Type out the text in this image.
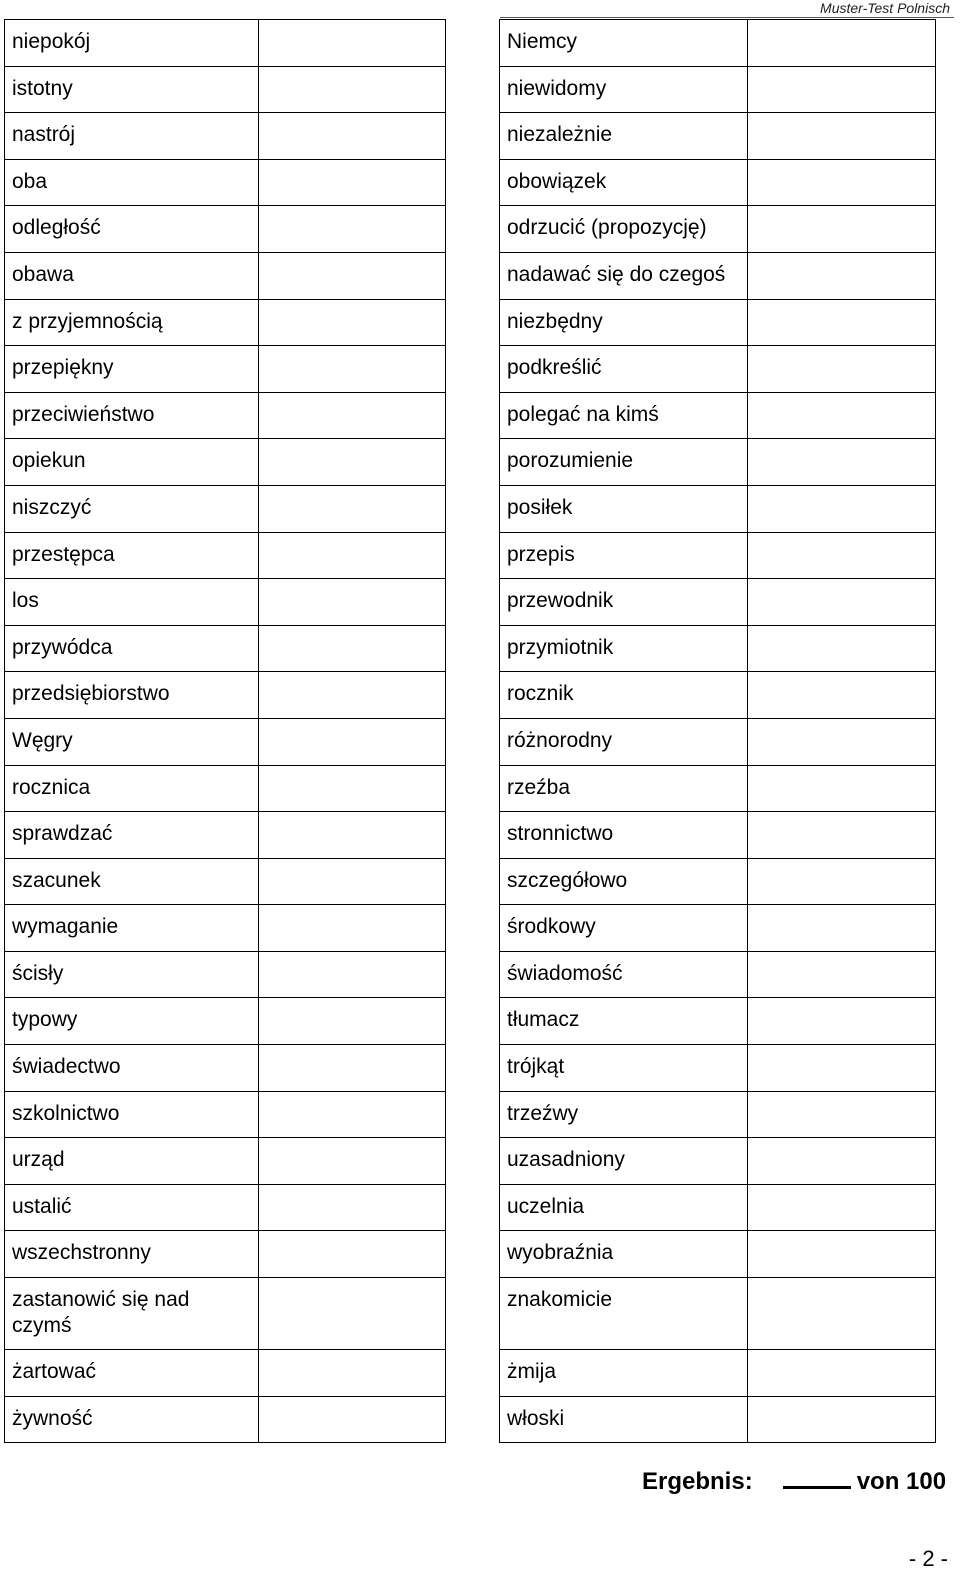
Muster-Test Polnisch
niepokój	
istotny	
nastrój	
oba	
odległość	
obawa	
z przyjemnością	
przepiękny	
przeciwieństwo	
opiekun	
niszczyć	
przestępca	
los	
przywódca	
przedsiębiorstwo	
Węgry	
rocznica	
sprawdzać	
szacunek	
wymaganie	
ścisły	
typowy	
świadectwo	
szkolnictwo	
urząd	
ustalić	
wszechstronny	
zastanowić się nad czymś	
żartować	
żywność	
Niemcy	
niewidomy	
niezależnie	
obowiązek	
odrzucić (propozycję)	
nadawać się do czegoś	
niezbędny	
podkreślić	
polegać na kimś	
porozumienie	
posiłek	
przepis	
przewodnik	
przymiotnik	
rocznik	
różnorodny	
rzeźba	
stronnictwo	
szczegółowo	
środkowy	
świadomość	
tłumacz	
trójkąt	
trzeźwy	
uzasadniony	
uczelnia	
wyobraźnia	
znakomicie	
żmija	
włoski	
Ergebnis:	von 100
- 2 -
